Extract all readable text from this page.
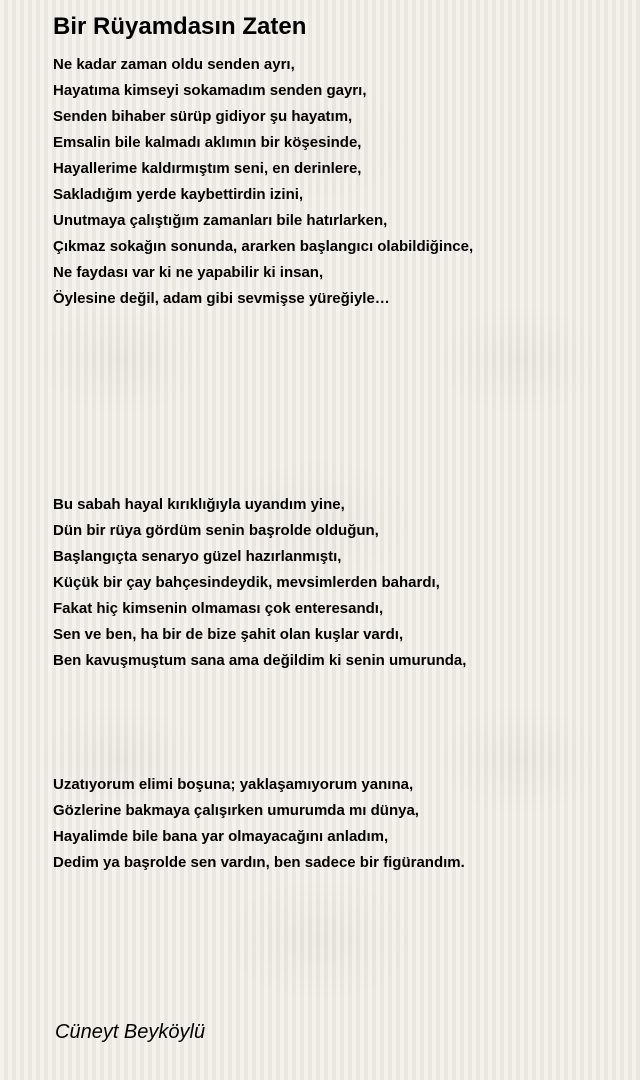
Bir Rüyamdasın Zaten
Ne kadar zaman oldu senden ayrı,
Hayatıma kimseyi sokamadım senden gayrı,
Senden bihaber sürüp gidiyor şu hayatım,
Emsalin bile kalmadı aklımın bir köşesinde,
Hayallerime kaldırmıştım seni, en derinlere,
Sakladığım yerde kaybettirdin izini,
Unutmaya çalıştığım zamanları bile hatırlarken,
Çıkmaz sokağın sonunda, ararken başlangıcı olabildiğince,
Ne faydası var ki ne yapabilir ki insan,
Öylesine değil, adam gibi sevmişse yüreğiyle…
Bu sabah hayal kırıklığıyla uyandım yine,
Dün bir rüya gördüm senin başrolde olduğun,
Başlangıçta senaryo güzel hazırlanmıştı,
Küçük bir çay bahçesindeydik, mevsimlerden bahardı,
Fakat hiç kimsenin olmaması çok enteresandı,
Sen ve ben, ha bir de bize şahit olan kuşlar vardı,
Ben kavuşmuştum sana ama değildim ki senin umurunda,
Uzatıyorum elimi boşuna; yaklaşamıyorum yanına,
Gözlerine bakmaya çalışırken umurumda mı dünya,
Hayalimde bile bana yar olmayacağını anladım,
Dedim ya başrolde sen vardın, ben sadece bir figürandım.
Cüneyt Beyköylü
